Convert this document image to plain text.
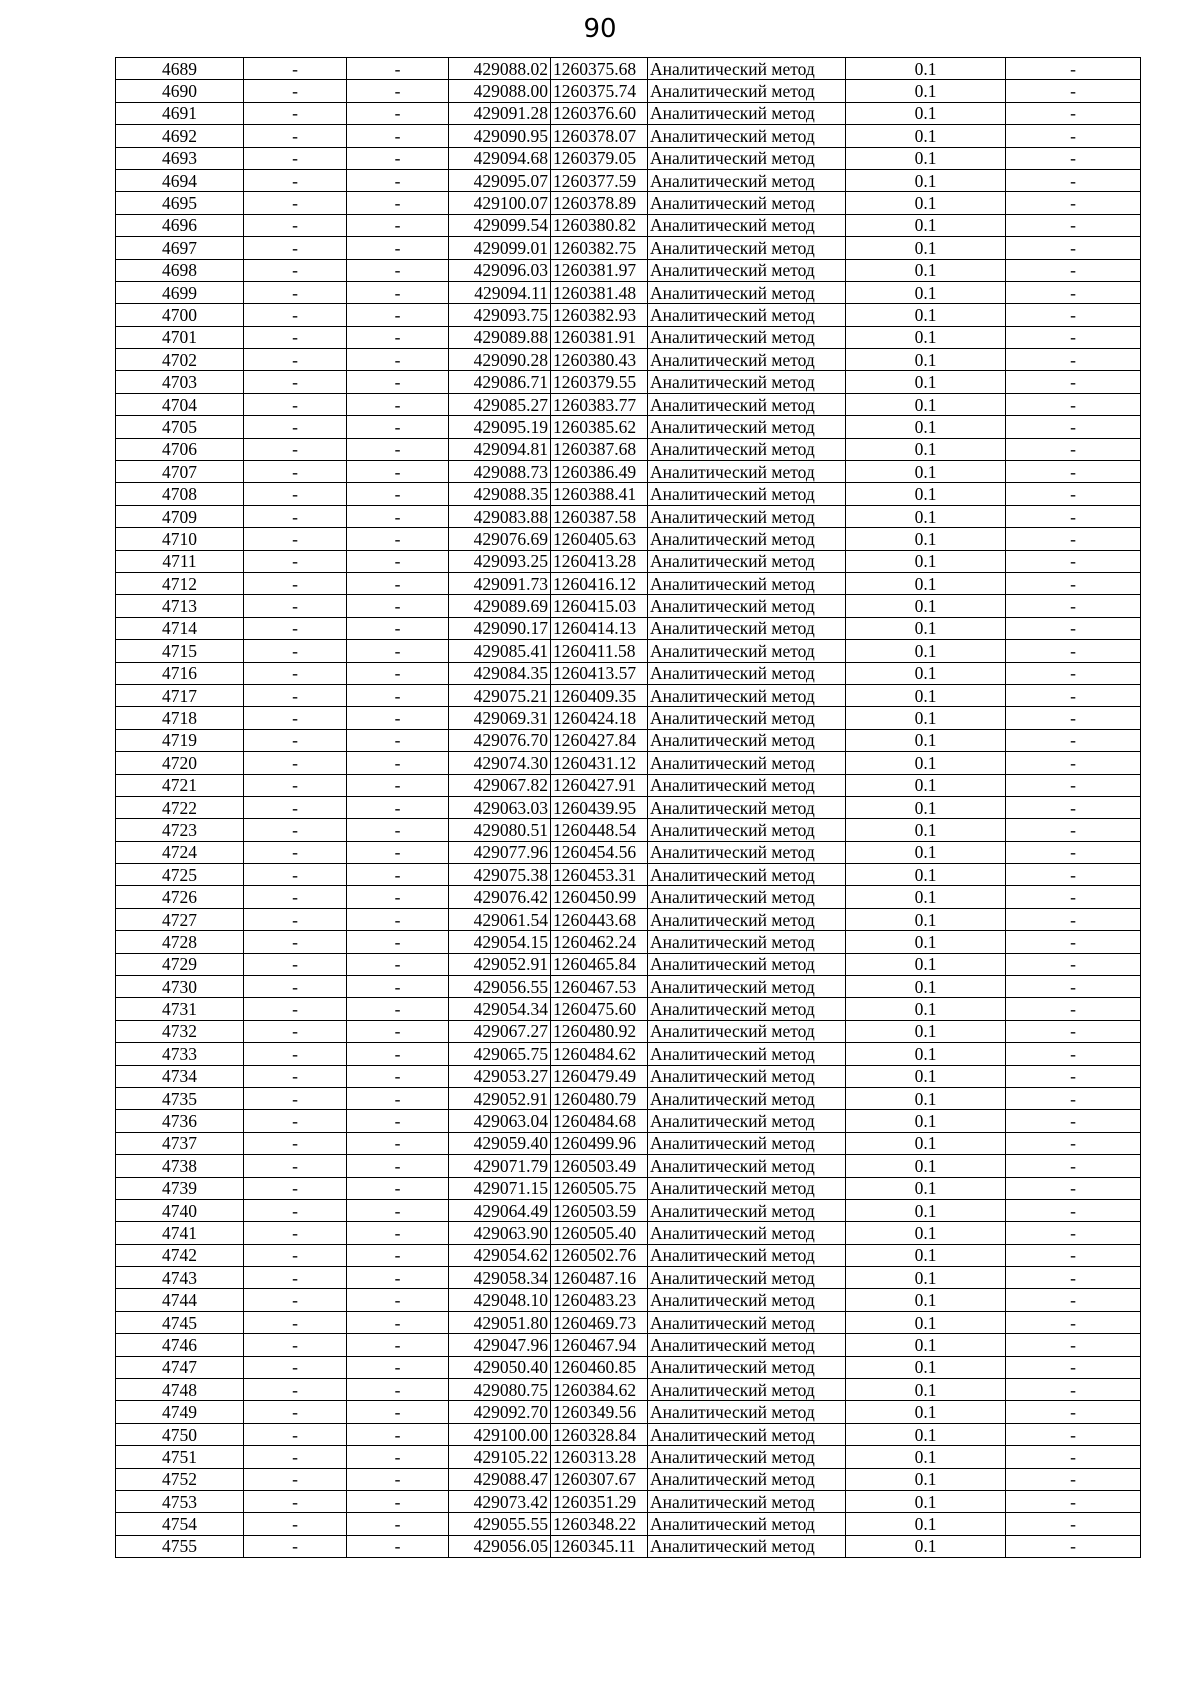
90
4689	-	-	429088.02	1260375.68	Аналитический метод	0.1	-
4690	-	-	429088.00	1260375.74	Аналитический метод	0.1	-
4691	-	-	429091.28	1260376.60	Аналитический метод	0.1	-
4692	-	-	429090.95	1260378.07	Аналитический метод	0.1	-
4693	-	-	429094.68	1260379.05	Аналитический метод	0.1	-
4694	-	-	429095.07	1260377.59	Аналитический метод	0.1	-
4695	-	-	429100.07	1260378.89	Аналитический метод	0.1	-
4696	-	-	429099.54	1260380.82	Аналитический метод	0.1	-
4697	-	-	429099.01	1260382.75	Аналитический метод	0.1	-
4698	-	-	429096.03	1260381.97	Аналитический метод	0.1	-
4699	-	-	429094.11	1260381.48	Аналитический метод	0.1	-
4700	-	-	429093.75	1260382.93	Аналитический метод	0.1	-
4701	-	-	429089.88	1260381.91	Аналитический метод	0.1	-
4702	-	-	429090.28	1260380.43	Аналитический метод	0.1	-
4703	-	-	429086.71	1260379.55	Аналитический метод	0.1	-
4704	-	-	429085.27	1260383.77	Аналитический метод	0.1	-
4705	-	-	429095.19	1260385.62	Аналитический метод	0.1	-
4706	-	-	429094.81	1260387.68	Аналитический метод	0.1	-
4707	-	-	429088.73	1260386.49	Аналитический метод	0.1	-
4708	-	-	429088.35	1260388.41	Аналитический метод	0.1	-
4709	-	-	429083.88	1260387.58	Аналитический метод	0.1	-
4710	-	-	429076.69	1260405.63	Аналитический метод	0.1	-
4711	-	-	429093.25	1260413.28	Аналитический метод	0.1	-
4712	-	-	429091.73	1260416.12	Аналитический метод	0.1	-
4713	-	-	429089.69	1260415.03	Аналитический метод	0.1	-
4714	-	-	429090.17	1260414.13	Аналитический метод	0.1	-
4715	-	-	429085.41	1260411.58	Аналитический метод	0.1	-
4716	-	-	429084.35	1260413.57	Аналитический метод	0.1	-
4717	-	-	429075.21	1260409.35	Аналитический метод	0.1	-
4718	-	-	429069.31	1260424.18	Аналитический метод	0.1	-
4719	-	-	429076.70	1260427.84	Аналитический метод	0.1	-
4720	-	-	429074.30	1260431.12	Аналитический метод	0.1	-
4721	-	-	429067.82	1260427.91	Аналитический метод	0.1	-
4722	-	-	429063.03	1260439.95	Аналитический метод	0.1	-
4723	-	-	429080.51	1260448.54	Аналитический метод	0.1	-
4724	-	-	429077.96	1260454.56	Аналитический метод	0.1	-
4725	-	-	429075.38	1260453.31	Аналитический метод	0.1	-
4726	-	-	429076.42	1260450.99	Аналитический метод	0.1	-
4727	-	-	429061.54	1260443.68	Аналитический метод	0.1	-
4728	-	-	429054.15	1260462.24	Аналитический метод	0.1	-
4729	-	-	429052.91	1260465.84	Аналитический метод	0.1	-
4730	-	-	429056.55	1260467.53	Аналитический метод	0.1	-
4731	-	-	429054.34	1260475.60	Аналитический метод	0.1	-
4732	-	-	429067.27	1260480.92	Аналитический метод	0.1	-
4733	-	-	429065.75	1260484.62	Аналитический метод	0.1	-
4734	-	-	429053.27	1260479.49	Аналитический метод	0.1	-
4735	-	-	429052.91	1260480.79	Аналитический метод	0.1	-
4736	-	-	429063.04	1260484.68	Аналитический метод	0.1	-
4737	-	-	429059.40	1260499.96	Аналитический метод	0.1	-
4738	-	-	429071.79	1260503.49	Аналитический метод	0.1	-
4739	-	-	429071.15	1260505.75	Аналитический метод	0.1	-
4740	-	-	429064.49	1260503.59	Аналитический метод	0.1	-
4741	-	-	429063.90	1260505.40	Аналитический метод	0.1	-
4742	-	-	429054.62	1260502.76	Аналитический метод	0.1	-
4743	-	-	429058.34	1260487.16	Аналитический метод	0.1	-
4744	-	-	429048.10	1260483.23	Аналитический метод	0.1	-
4745	-	-	429051.80	1260469.73	Аналитический метод	0.1	-
4746	-	-	429047.96	1260467.94	Аналитический метод	0.1	-
4747	-	-	429050.40	1260460.85	Аналитический метод	0.1	-
4748	-	-	429080.75	1260384.62	Аналитический метод	0.1	-
4749	-	-	429092.70	1260349.56	Аналитический метод	0.1	-
4750	-	-	429100.00	1260328.84	Аналитический метод	0.1	-
4751	-	-	429105.22	1260313.28	Аналитический метод	0.1	-
4752	-	-	429088.47	1260307.67	Аналитический метод	0.1	-
4753	-	-	429073.42	1260351.29	Аналитический метод	0.1	-
4754	-	-	429055.55	1260348.22	Аналитический метод	0.1	-
4755	-	-	429056.05	1260345.11	Аналитический метод	0.1	-
